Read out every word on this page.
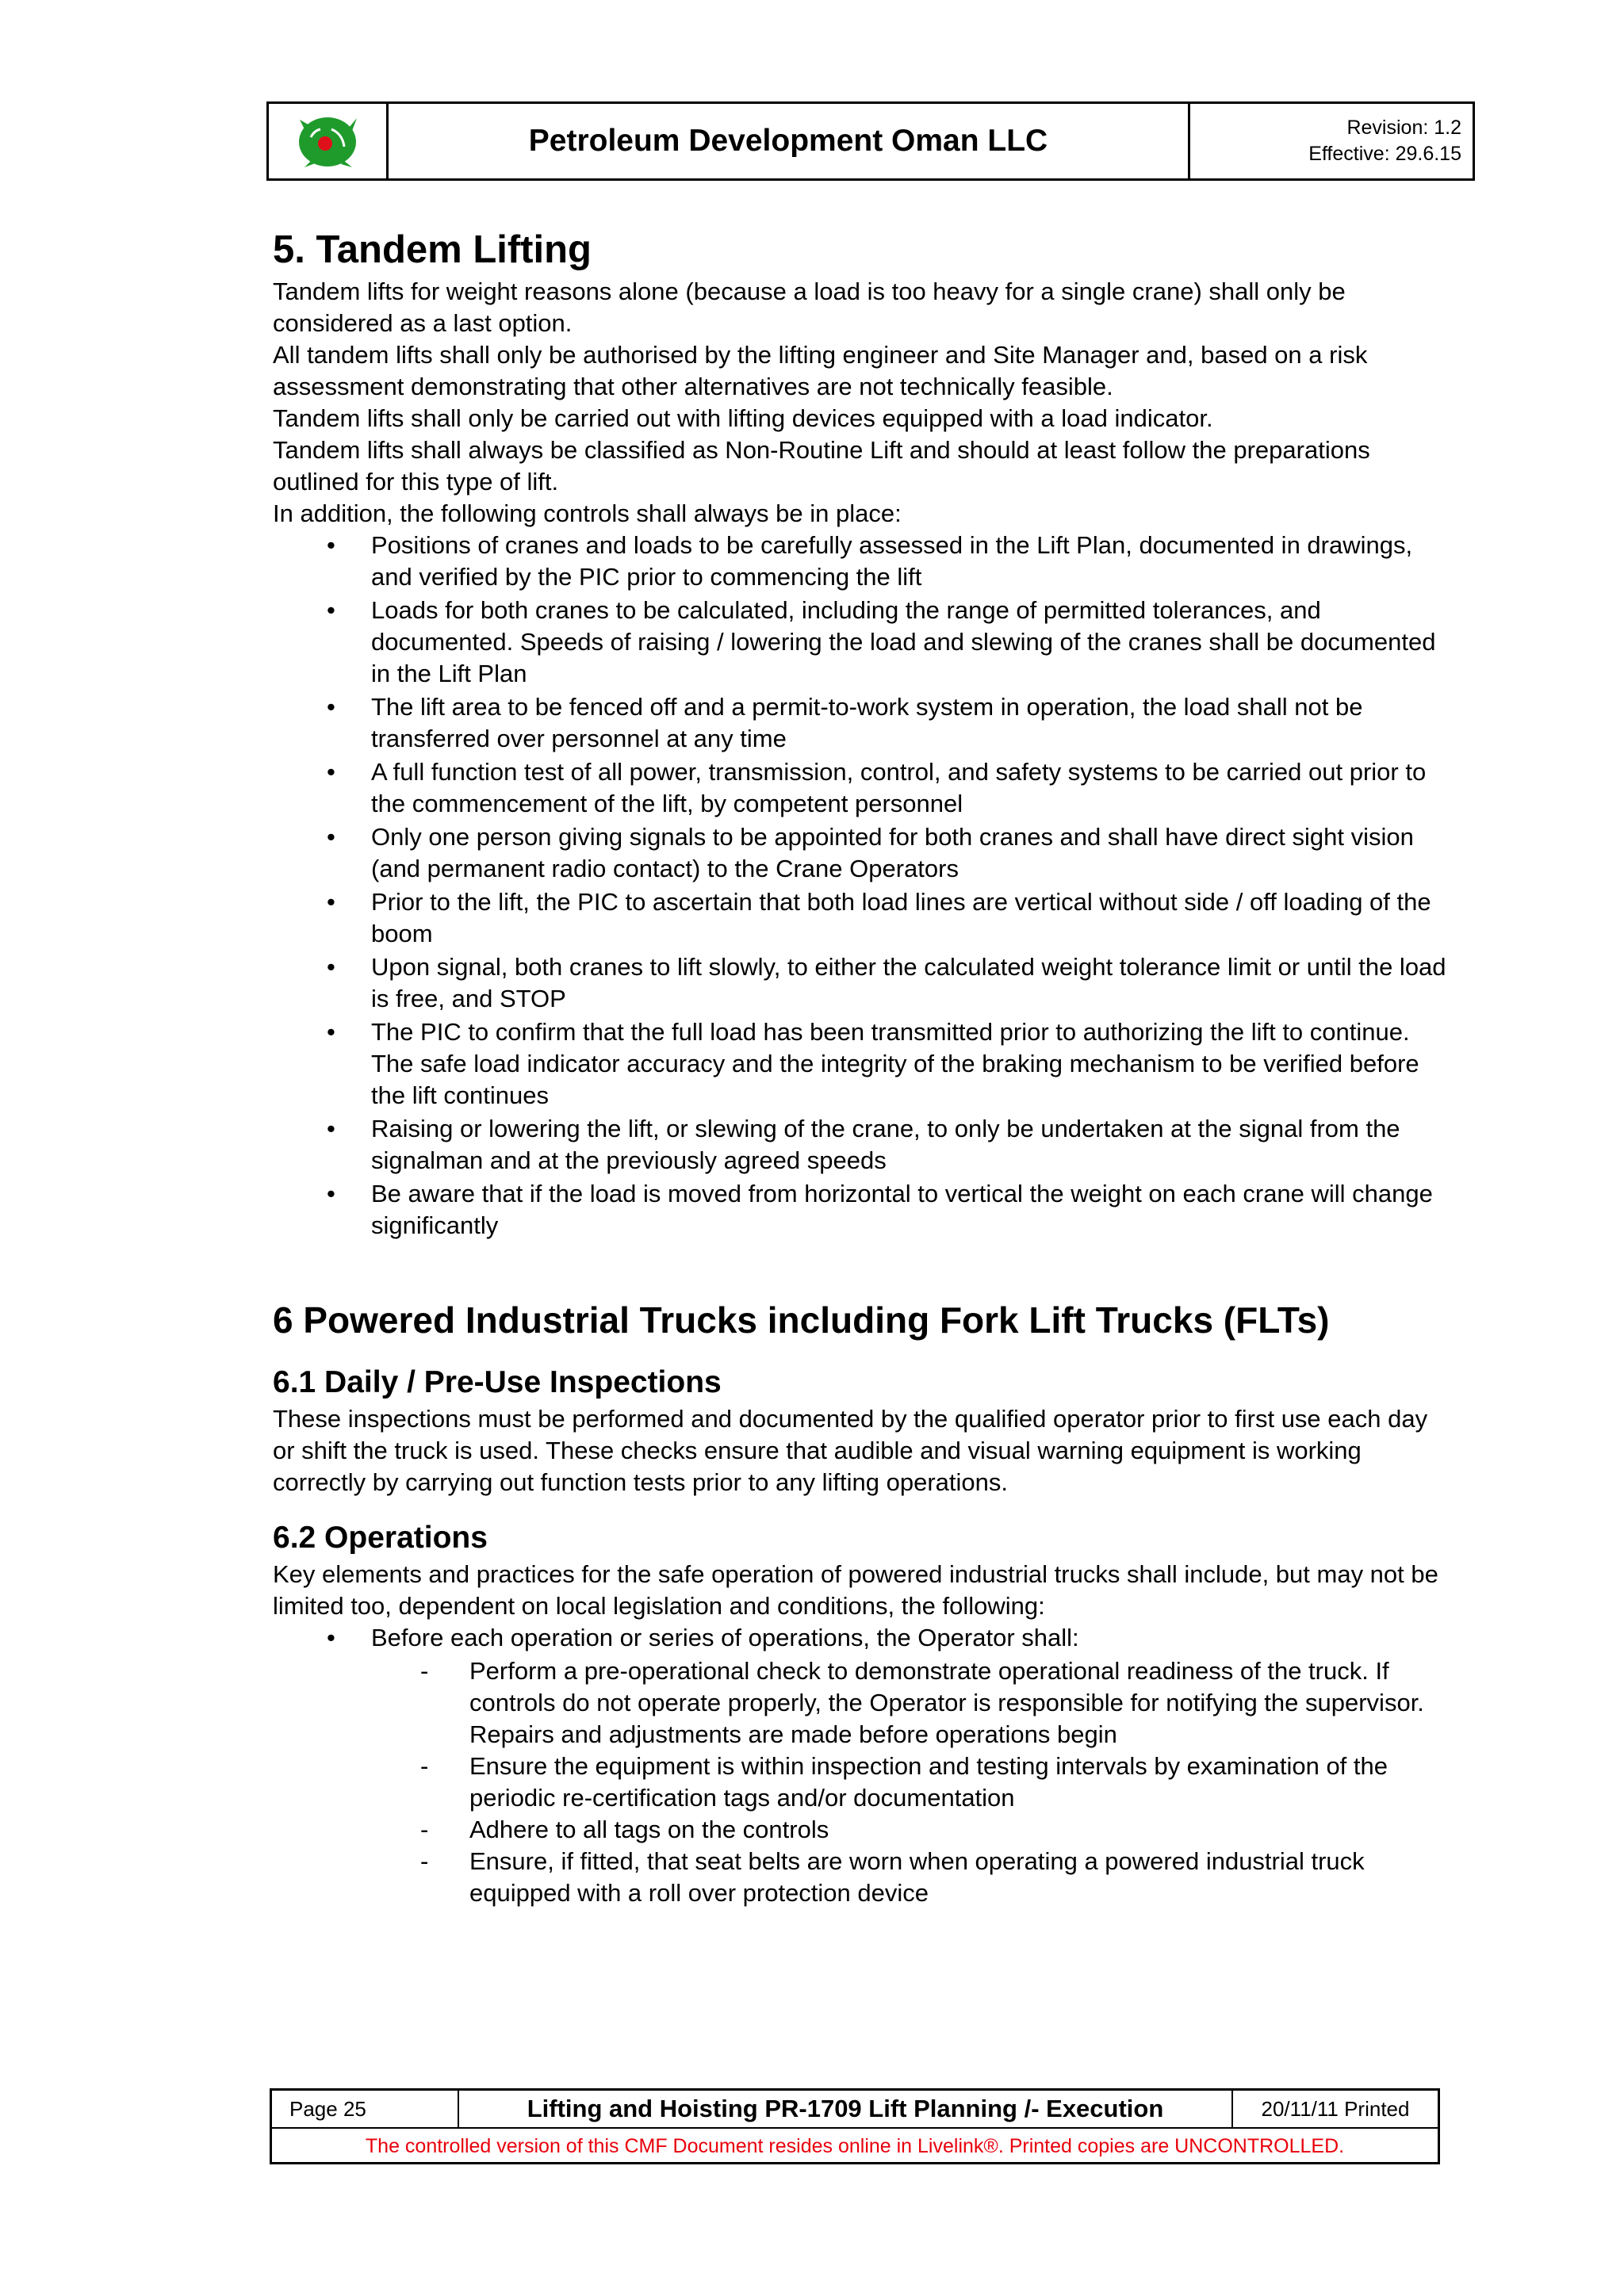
Petroleum Development Oman LLC	Revision: 1.2
Effective: 29.6.15
5. Tandem Lifting

Tandem lifts for weight reasons alone (because a load is too heavy for a single crane) shall only be considered as a last option.

All tandem lifts shall only be authorised by the lifting engineer and Site Manager and, based on a risk assessment demonstrating that other alternatives are not technically feasible.

Tandem lifts shall only be carried out with lifting devices equipped with a load indicator.

Tandem lifts shall always be classified as Non-Routine Lift and should at least follow the preparations outlined for this type of lift.

In addition, the following controls shall always be in place:

• Positions of cranes and loads to be carefully assessed in the Lift Plan, documented in drawings, and verified by the PIC prior to commencing the lift
• Loads for both cranes to be calculated, including the range of permitted tolerances, and documented. Speeds of raising / lowering the load and slewing of the cranes shall be documented in the Lift Plan
• The lift area to be fenced off and a permit-to-work system in operation, the load shall not be transferred over personnel at any time
• A full function test of all power, transmission, control, and safety systems to be carried out prior to the commencement of the lift, by competent personnel
• Only one person giving signals to be appointed for both cranes and shall have direct sight vision (and permanent radio contact) to the Crane Operators
• Prior to the lift, the PIC to ascertain that both load lines are vertical without side / off loading of the boom
• Upon signal, both cranes to lift slowly, to either the calculated weight tolerance limit or until the load is free, and STOP
• The PIC to confirm that the full load has been transmitted prior to authorizing the lift to continue. The safe load indicator accuracy and the integrity of the braking mechanism to be verified before the lift continues
• Raising or lowering the lift, or slewing of the crane, to only be undertaken at the signal from the signalman and at the previously agreed speeds
• Be aware that if the load is moved from horizontal to vertical the weight on each crane will change significantly
6 Powered Industrial Trucks including Fork Lift Trucks (FLTs)
6.1 Daily / Pre-Use Inspections

These inspections must be performed and documented by the qualified operator prior to first use each day or shift the truck is used. These checks ensure that audible and visual warning equipment is working correctly by carrying out function tests prior to any lifting operations.

6.2 Operations

Key elements and practices for the safe operation of powered industrial trucks shall include, but may not be limited too, dependent on local legislation and conditions, the following:

• Before each operation or series of operations, the Operator shall:
- Perform a pre-operational check to demonstrate operational readiness of the truck. If controls do not operate properly, the Operator is responsible for notifying the supervisor. Repairs and adjustments are made before operations begin
- Ensure the equipment is within inspection and testing intervals by examination of the periodic re-certification tags and/or documentation
- Adhere to all tags on the controls
- Ensure, if fitted, that seat belts are worn when operating a powered industrial truck equipped with a roll over protection device
Page 25	Lifting and Hoisting PR-1709 Lift Planning /- Execution	20/11/11 Printed
The controlled version of this CMF Document resides online in Livelink®. Printed copies are UNCONTROLLED.
